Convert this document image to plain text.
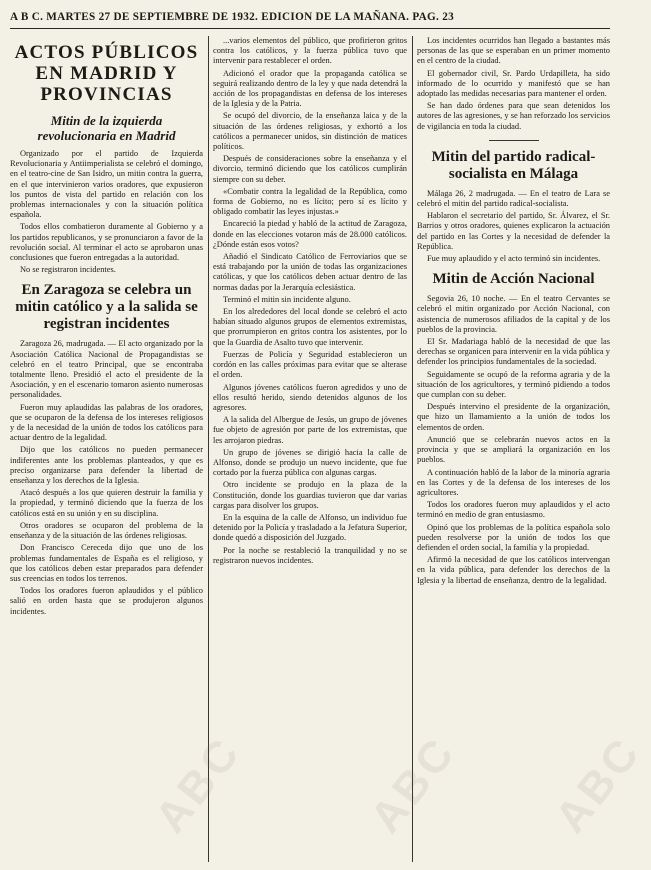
A B C. MARTES 27 DE SEPTIEMBRE DE 1932. EDICION DE LA MAÑANA. PAG. 23
ACTOS PÚBLICOS EN MADRID Y PROVINCIAS
Mitin de la izquierda revolucionaria en Madrid

Organizado por el partido de Izquierda Revolucionaria y Antiimperialista se celebró el domingo, en el teatro-cine de San Isidro, un mitin contra la guerra, en el que intervinieron varios oradores, que expusieron los puntos de vista del partido en relación con los problemas internacionales y con la situación política española.

Todos ellos combatieron duramente al Gobierno y a los partidos republicanos, y se pronunciaron a favor de la revolución social. Al terminar el acto se aprobaron unas conclusiones que fueron entregadas a la autoridad.

No se registraron incidentes.

En Zaragoza se celebra un mitin católico y a la salida se registran incidentes

Zaragoza 26, madrugada. — El acto organizado por la Asociación Católica Nacional de Propagandistas se celebró en el teatro Principal, que se encontraba totalmente lleno. Presidió el acto el presidente de la Asociación, y en el escenario tomaron asiento numerosas personalidades.

Fueron muy aplaudidas las palabras de los oradores, que se ocuparon de la defensa de los intereses religiosos y de la necesidad de la unión de todos los católicos para actuar dentro de la legalidad.

Dijo que los católicos no pueden permanecer indiferentes ante los problemas planteados, y que es preciso organizarse para defender la libertad de enseñanza y los derechos de la Iglesia.

Atacó después a los que quieren destruir la familia y la propiedad, y terminó diciendo que la fuerza de los católicos está en su unión y en su disciplina.

Otros oradores se ocuparon del problema de la enseñanza y de la situación de las órdenes religiosas.

Don Francisco Cereceda dijo que uno de los problemas fundamentales de España es el religioso, y que los católicos deben estar preparados para defender sus creencias en todos los terrenos.

Todos los oradores fueron aplaudidos y el público salió en orden hasta que se produjeron algunos incidentes.

...varios elementos del público, que profirieron gritos contra los católicos, y la fuerza pública tuvo que intervenir para restablecer el orden.

Adicionó el orador que la propaganda católica se seguirá realizando dentro de la ley y que nada detendrá la acción de los propagandistas en defensa de los intereses de la Iglesia y de la Patria.

Se ocupó del divorcio, de la enseñanza laica y de la situación de las órdenes religiosas, y exhortó a los católicos a permanecer unidos, sin distinción de matices políticos.

Después de consideraciones sobre la enseñanza y el divorcio, terminó diciendo que los católicos cumplirán siempre con su deber.

«Combatir contra la legalidad de la República, como forma de Gobierno, no es lícito; pero sí es lícito y obligado combatir las leyes injustas.»

Encareció la piedad y habló de la actitud de Zaragoza, donde en las elecciones votaron más de 28.000 católicos. ¿Dónde están esos votos?

Añadió el Sindicato Católico de Ferroviarios que se está trabajando por la unión de todas las organizaciones católicas, y que los católicos deben actuar dentro de las normas dadas por la Jerarquía eclesiástica.

Terminó el mitin sin incidente alguno.

En los alrededores del local donde se celebró el acto habían situado algunos grupos de elementos extremistas, que prorrumpieron en gritos contra los asistentes, por lo que la Guardia de Asalto tuvo que intervenir.

Fuerzas de Policía y Seguridad establecieron un cordón en las calles próximas para evitar que se alterase el orden.

Algunos jóvenes católicos fueron agredidos y uno de ellos resultó herido, siendo detenidos algunos de los agresores.

A la salida del Albergue de Jesús, un grupo de jóvenes fue objeto de agresión por parte de los extremistas, que les arrojaron piedras.

Un grupo de jóvenes se dirigió hacia la calle de Alfonso, donde se produjo un nuevo incidente, que fue cortado por la fuerza pública con algunas cargas.

Otro incidente se produjo en la plaza de la Constitución, donde los guardias tuvieron que dar varias cargas para disolver los grupos.

En la esquina de la calle de Alfonso, un individuo fue detenido por la Policía y trasladado a la Jefatura Superior, donde quedó a disposición del Juzgado.

Por la noche se restableció la tranquilidad y no se registraron nuevos incidentes.

Los incidentes ocurridos han llegado a bastantes más personas de las que se esperaban en un primer momento en el centro de la ciudad.

El gobernador civil, Sr. Pardo Urdapilleta, ha sido informado de lo ocurrido y manifestó que se han adoptado las medidas necesarias para mantener el orden.

Se han dado órdenes para que sean detenidos los autores de las agresiones, y se han reforzado los servicios de vigilancia en toda la ciudad.

Mitin del partido radical-socialista en Málaga

Málaga 26, 2 madrugada. — En el teatro de Lara se celebró el mitin del partido radical-socialista.

Hablaron el secretario del partido, Sr. Álvarez, el Sr. Barrios y otros oradores, quienes explicaron la actuación del partido en las Cortes y la necesidad de defender la República.

Fue muy aplaudido y el acto terminó sin incidentes.

Mitin de Acción Nacional

Segovia 26, 10 noche. — En el teatro Cervantes se celebró el mitin organizado por Acción Nacional, con asistencia de numerosos afiliados de la capital y de los pueblos de la provincia.

El Sr. Madariaga habló de la necesidad de que las derechas se organicen para intervenir en la vida pública y defender los principios fundamentales de la sociedad.

Seguidamente se ocupó de la reforma agraria y de la situación de los agricultores, y terminó pidiendo a todos que cumplan con su deber.

Después intervino el presidente de la organización, que hizo un llamamiento a la unión de todos los elementos de orden.

Anunció que se celebrarán nuevos actos en la provincia y que se ampliará la organización en los pueblos.

A continuación habló de la labor de la minoría agraria en las Cortes y de la defensa de los intereses de los agricultores.

Todos los oradores fueron muy aplaudidos y el acto terminó en medio de gran entusiasmo.

Opinó que los problemas de la política española solo pueden resolverse por la unión de todos los que defienden el orden social, la familia y la propiedad.

Afirmó la necesidad de que los católicos intervengan en la vida pública, para defender los derechos de la Iglesia y la libertad de enseñanza, dentro de la legalidad.

ABC	ABC ABC
